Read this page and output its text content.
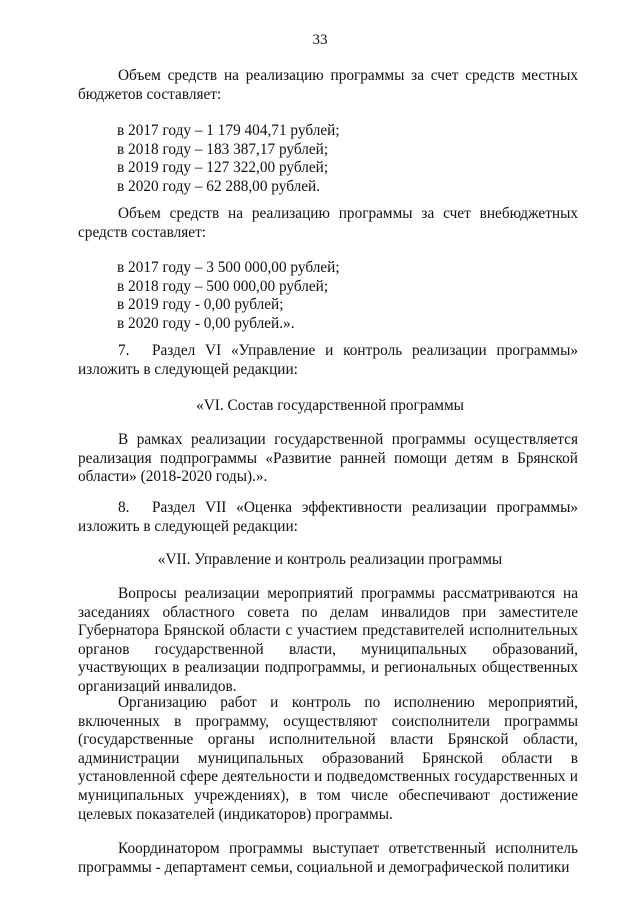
33

Объем средств на реализацию программы за счет средств местных бюджетов составляет:

в 2017 году – 1 179 404,71 рублей;
в 2018 году – 183 387,17 рублей;
в 2019 году – 127 322,00 рублей;
в 2020 году – 62 288,00 рублей.

Объем средств на реализацию программы за счет внебюджетных средств составляет:

в 2017 году – 3 500 000,00 рублей;
в 2018 году – 500 000,00 рублей;
в 2019 году - 0,00 рублей;
в 2020 году - 0,00 рублей.».
7.	Раздел VI «Управление и контроль реализации программы»
изложить в следующей редакции:

«VI. Состав государственной программы

В рамках реализации государственной программы осуществляется реализация подпрограммы «Развитие ранней помощи детям в Брянской области» (2018-2020 годы).».

8.	Раздел VII «Оценка эффективности реализации программы»
изложить в следующей редакции:

«VII. Управление и контроль реализации программы

Вопросы реализации мероприятий программы рассматриваются на заседаниях областного совета по делам инвалидов при заместителе Губернатора Брянской области с участием представителей исполнительных органов государственной власти, муниципальных образований, участвующих в реализации подпрограммы, и региональных общественных организаций инвалидов.

Организацию работ и контроль по исполнению мероприятий, включенных в программу, осуществляют соисполнители программы (государственные органы исполнительной власти Брянской области, администрации муниципальных образований Брянской области в установленной сфере деятельности и подведомственных государственных и муниципальных учреждениях), в том числе обеспечивают достижение целевых показателей (индикаторов) программы.

Координатором программы выступает ответственный исполнитель программы - департамент семьи, социальной и демографической политики
